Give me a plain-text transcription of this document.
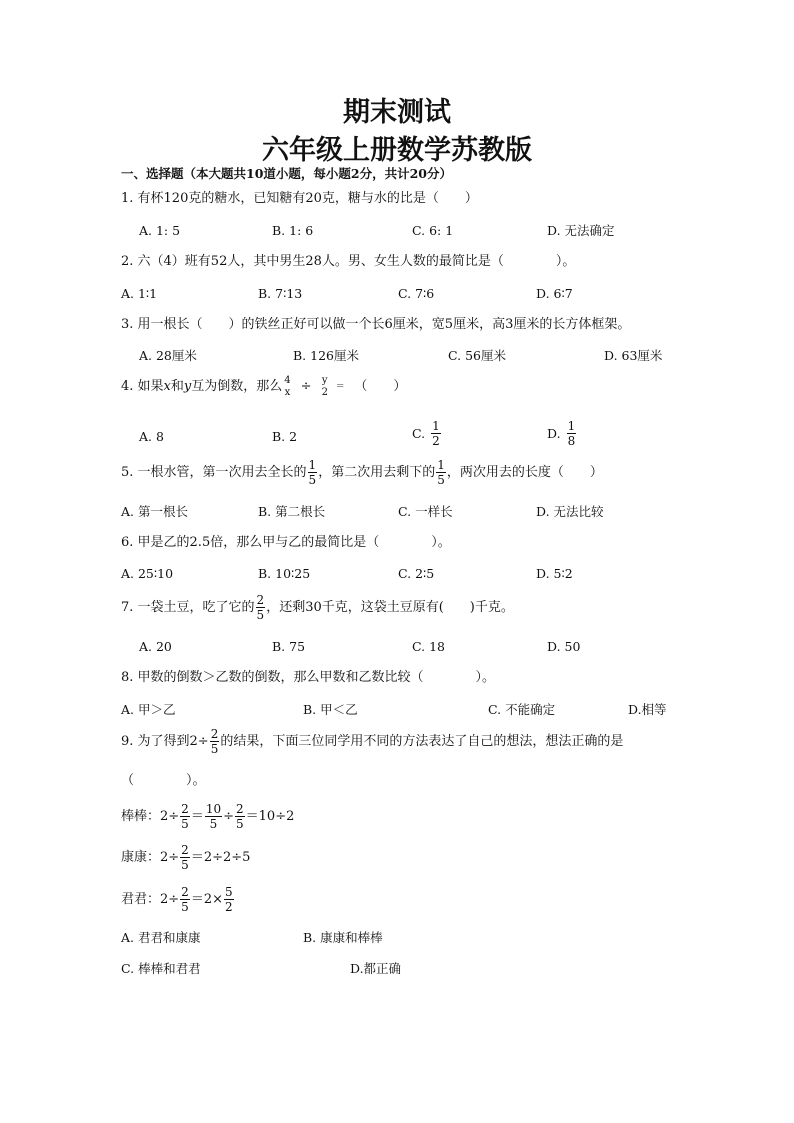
期末测试
六年级上册数学苏教版
一、选择题（本大题共10道小题，每小题2分，共计20分）
1. 有杯120克的糖水，已知糖有20克，糖与水的比是（　　）
A. 1: 5	B. 1: 6	C. 6: 1	D. 无法确定
2. 六（4）班有52人，其中男生28人。男、女生人数的最简比是（　　　　）。
A. 1∶1	B. 7∶13	C. 7∶6	D. 6∶7
3. 用一根长（　　）的铁丝正好可以做一个长6厘米，宽5厘米，高3厘米的长方体框架。
A. 28厘米	B. 126厘米	C. 56厘米	D. 63厘米
4. 如果 x 和 y 互为倒数，那么 4
x ÷ y
2
= （　　）
A. 8	B. 2	C. $\frac{1}{2}$	D. $\frac{1}{8}$
5. 一根水管，第一次用去全长的 $\frac{1}{5}$ ，第二次用去剩下的 $\frac{1}{5}$ ，两次用去的长度（　　）
A. 第一根长	B. 第二根长	C. 一样长	D. 无法比较
6. 甲是乙的2.5倍，那么甲与乙的最简比是（　　　　）。
A. 25∶10	B. 10∶25	C. 2∶5	D. 5∶2
7. 一袋土豆，吃了它的 $\frac{2}{5}$ ，还剩30千克，这袋土豆原有(　　)千克。
A. 20	B. 75	C. 18	D. 50
8. 甲数的倒数＞乙数的倒数，那么甲数和乙数比较（　　　　）。
A. 甲＞乙	B. 甲＜乙	C. 不能确定	D.相等
9. 为了得到$2\div \frac{2}{5}$ 的结果，下面三位同学用不同的方法表达了自己的想法，想法正确的是
（　　　　）。
棒棒：$2\div \frac{2}{5} = \frac{10}{5} \div \frac{2}{5} =10\div 2$
康康：$2\div \frac{2}{5} =2\div 2\div 5$
君君：$2\div \frac{2}{5} =2\times \frac{5}{2}$
A. 君君和康康	B. 康康和棒棒
C. 棒棒和君君	D.都正确
